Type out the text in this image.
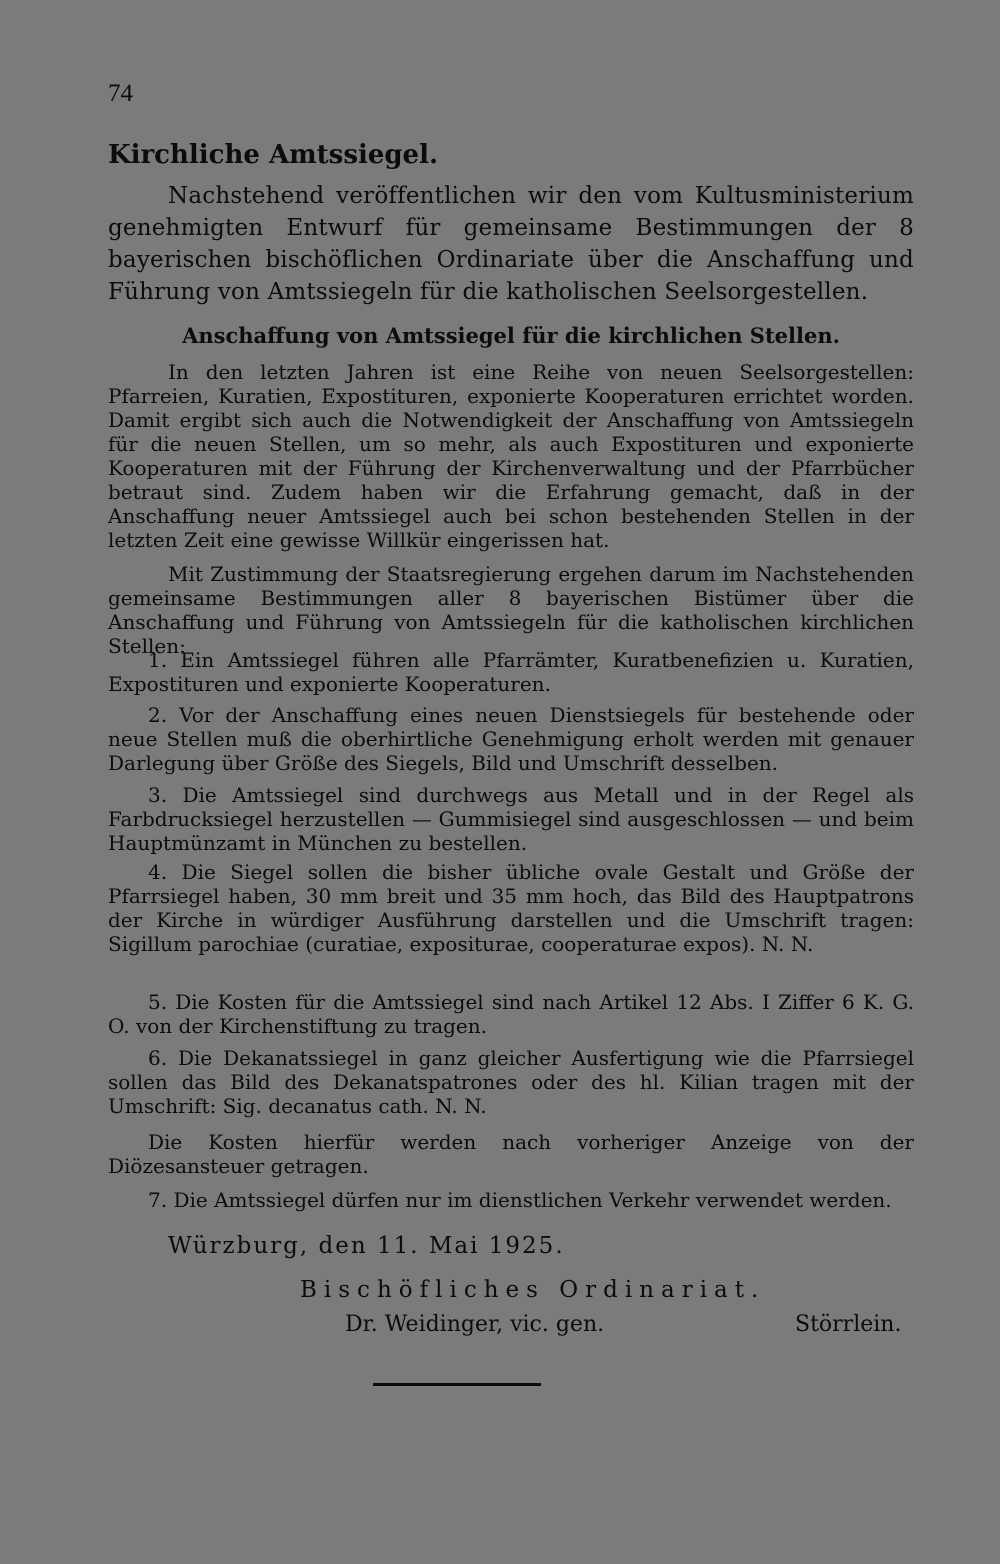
74
Kirchliche Amtssiegel.

Nachstehend veröffentlichen wir den vom Kultusministerium genehmigten Entwurf für gemeinsame Bestimmungen der 8 bayerischen bischöflichen Ordinariate über die Anschaffung und Führung von Amtssiegeln für die katholischen Seelsorgestellen.

Anschaffung von Amtssiegel für die kirchlichen Stellen.

In den letzten Jahren ist eine Reihe von neuen Seelsorgestellen: Pfarreien, Kuratien, Expostituren, exponierte Kooperaturen errichtet worden. Damit ergibt sich auch die Notwendigkeit der Anschaffung von Amtssiegeln für die neuen Stellen, um so mehr, als auch Expostituren und exponierte Kooperaturen mit der Führung der Kirchenverwaltung und der Pfarrbücher betraut sind. Zudem haben wir die Erfahrung gemacht, daß in der Anschaffung neuer Amtssiegel auch bei schon bestehenden Stellen in der letzten Zeit eine gewisse Willkür eingerissen hat.

Mit Zustimmung der Staatsregierung ergehen darum im Nachstehenden gemeinsame Bestimmungen aller 8 bayerischen Bistümer über die Anschaffung und Führung von Amtssiegeln für die katholischen kirchlichen Stellen:

1. Ein Amtssiegel führen alle Pfarrämter, Kuratbenefizien u. Kuratien, Expostituren und exponierte Kooperaturen.
2. Vor der Anschaffung eines neuen Dienstsiegels für bestehende oder neue Stellen muß die oberhirtliche Genehmigung erholt werden mit genauer Darlegung über Größe des Siegels, Bild und Umschrift desselben.
3. Die Amtssiegel sind durchwegs aus Metall und in der Regel als Farbdrucksiegel herzustellen — Gummisiegel sind ausgeschlossen — und beim Hauptmünzamt in München zu bestellen.
4. Die Siegel sollen die bisher übliche ovale Gestalt und Größe der Pfarrsiegel haben, 30 mm breit und 35 mm hoch, das Bild des Hauptpatrons der Kirche in würdiger Ausführung darstellen und die Umschrift tragen: Sigillum parochiae (curatiae, expositurae, cooperaturae expos). N. N.
5. Die Kosten für die Amtssiegel sind nach Artikel 12 Abs. I Ziffer 6 K. G. O. von der Kirchenstiftung zu tragen.
6. Die Dekanatssiegel in ganz gleicher Ausfertigung wie die Pfarrsiegel sollen das Bild des Dekanatspatrones oder des hl. Kilian tragen mit der Umschrift: Sig. decanatus cath. N. N.

Die Kosten hierfür werden nach vorheriger Anzeige von der Diözesansteuer getragen.

7. Die Amtssiegel dürfen nur im dienstlichen Verkehr verwendet werden.
Würzburg, den 11. Mai 1925.
Bischöfliches Ordinariat.
Dr. Weidinger, vic. gen.	Störrlein.
